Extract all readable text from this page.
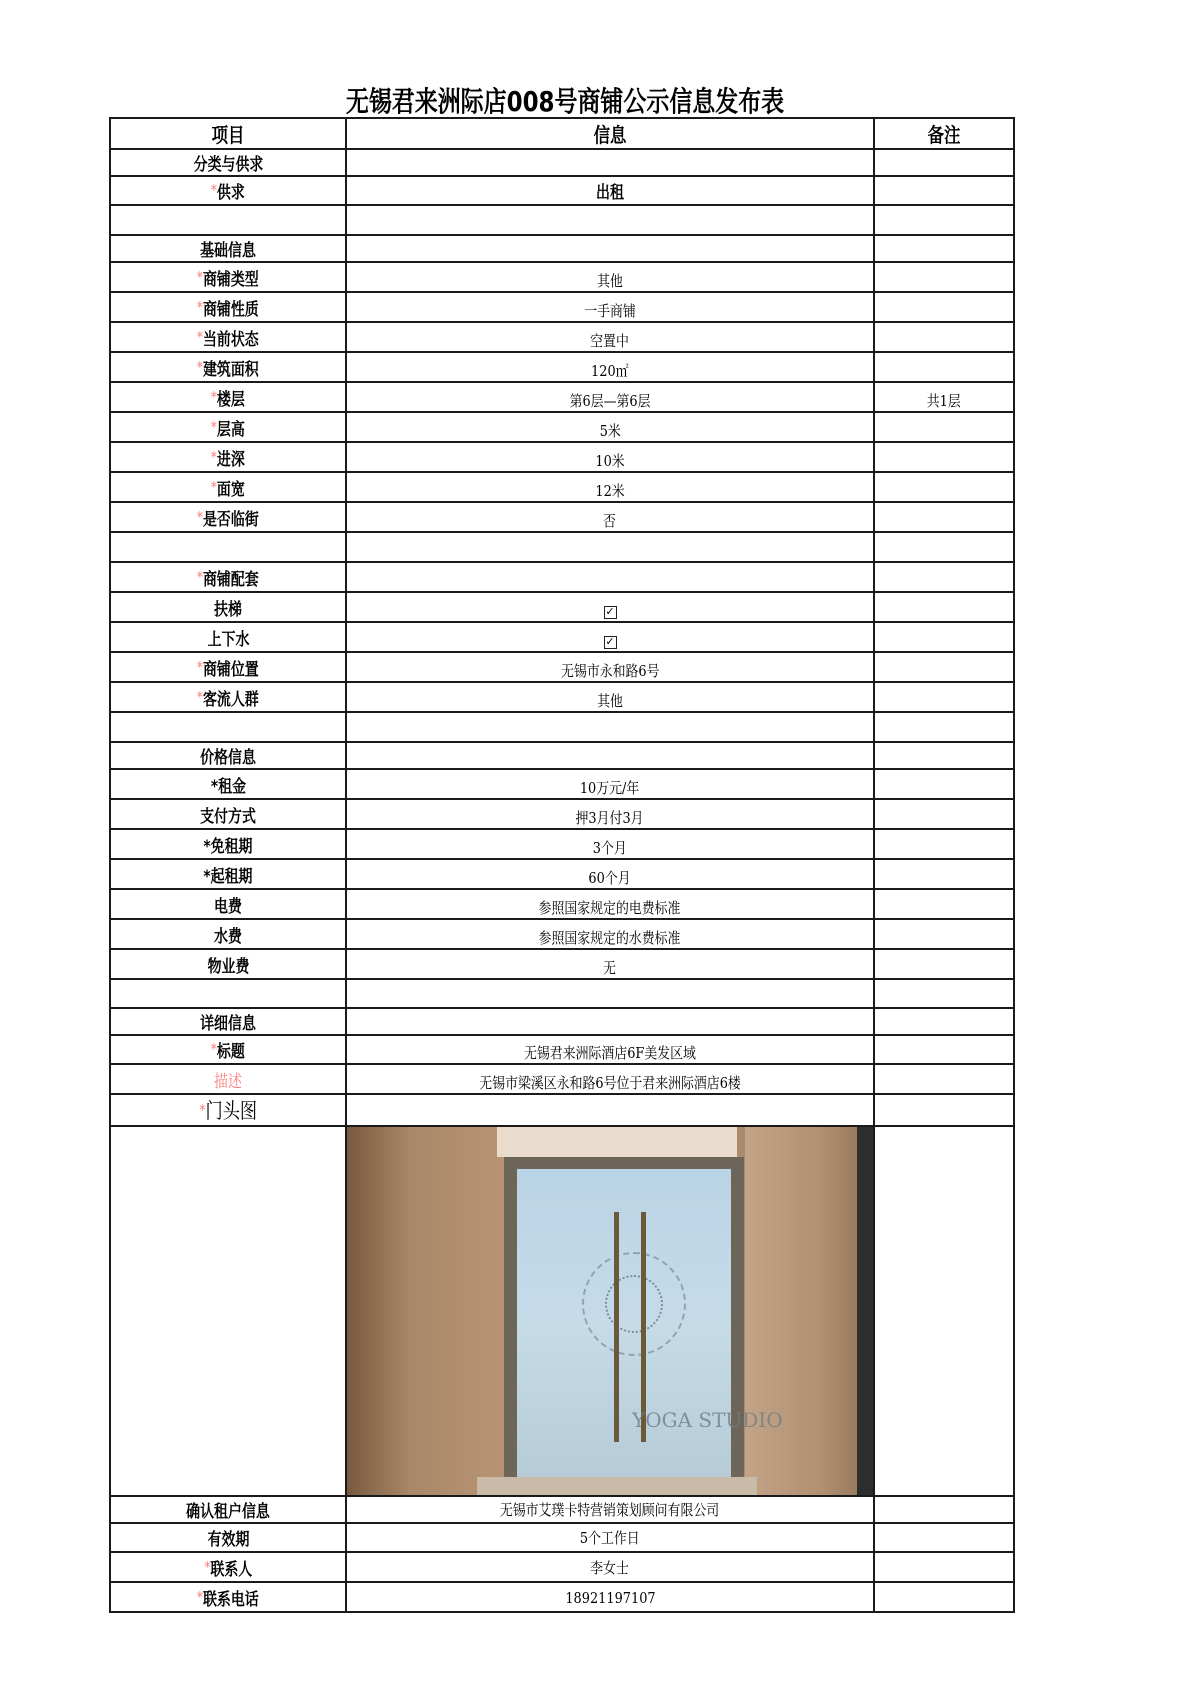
无锡君来洲际店008号商铺公示信息发布表
项目	信息	备注
分类与供求		
*供求	出租	

基础信息		
*商铺类型	其他	
*商铺性质	一手商铺	
*当前状态	空置中	
*建筑面积	120㎡	
*楼层	第6层—第6层	共1层
*层高	5米	
*进深	10米	
*面宽	12米	
*是否临街	否	

*商铺配套		
扶梯	✓	
上下水	✓	
*商铺位置	无锡市永和路6号	
*客流人群	其他	

价格信息		
*租金	10万元/年	
支付方式	押3月付3月	
*免租期	3个月	
*起租期	60个月	
电费	参照国家规定的电费标准	
水费	参照国家规定的水费标准	
物业费	无	

详细信息		
*标题	无锡君来洲际酒店6F美发区域	
描述	无锡市梁溪区永和路6号位于君来洲际酒店6楼	
*门头图		

	YOGA STUDIO	

确认租户信息	无锡市艾璞卡特营销策划顾问有限公司	
有效期	5个工作日	
*联系人	李女士	
*联系电话	18921197107	
